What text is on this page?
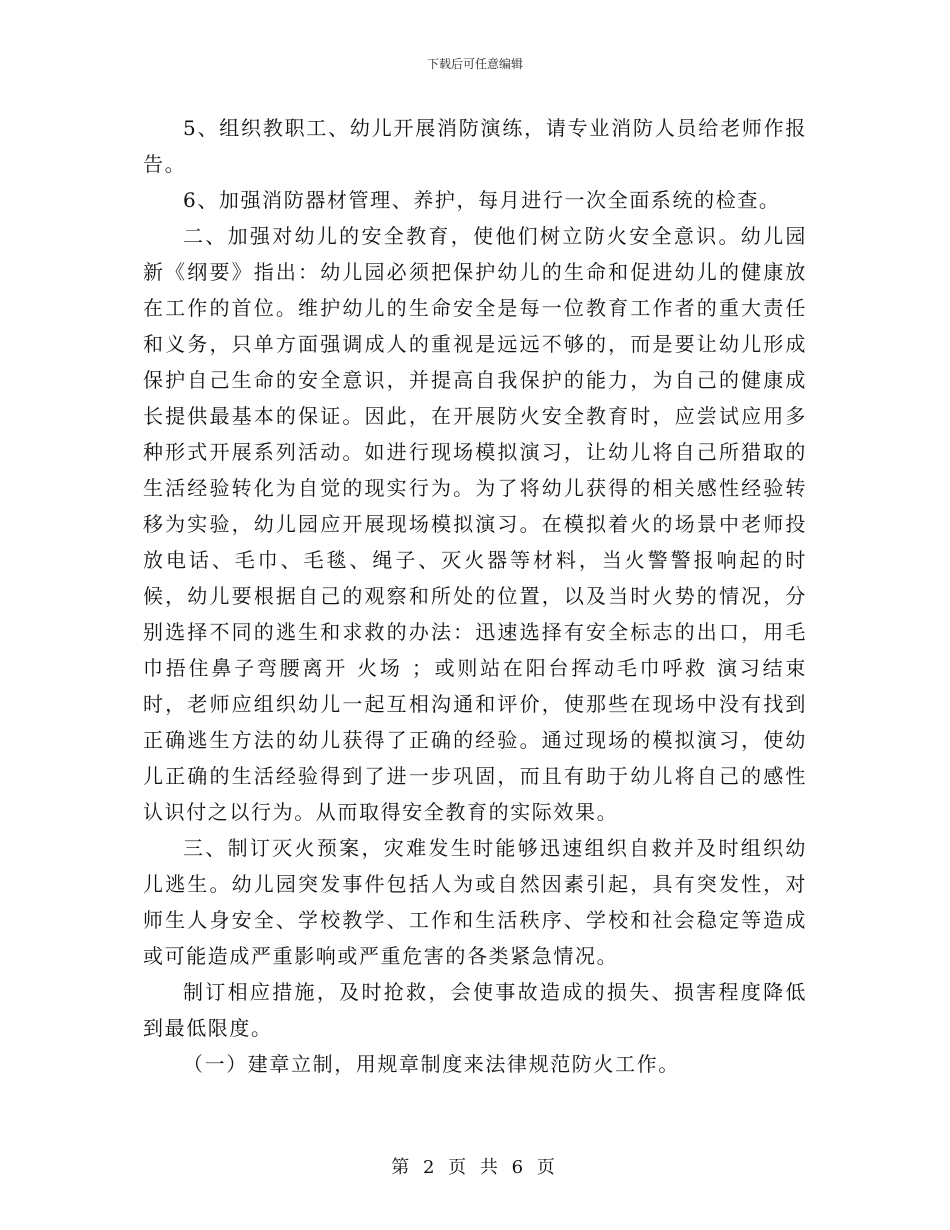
下载后可任意编辑

5、组织教职工、幼儿开展消防演练，请专业消防人员给老师作报告。

6、加强消防器材管理、养护，每月进行一次全面系统的检查。

二、加强对幼儿的安全教育，使他们树立防火安全意识。幼儿园新《纲要》指出：幼儿园必须把保护幼儿的生命和促进幼儿的健康放在工作的首位。维护幼儿的生命安全是每一位教育工作者的重大责任和义务，只单方面强调成人的重视是远远不够的，而是要让幼儿形成保护自己生命的安全意识，并提高自我保护的能力，为自己的健康成长提供最基本的保证。因此，在开展防火安全教育时，应尝试应用多种形式开展系列活动。如进行现场模拟演习，让幼儿将自己所猎取的生活经验转化为自觉的现实行为。为了将幼儿获得的相关感性经验转移为实验，幼儿园应开展现场模拟演习。在模拟着火的场景中老师投放电话、毛巾、毛毯、绳子、灭火器等材料，当火警警报响起的时候，幼儿要根据自己的观察和所处的位置，以及当时火势的情况，分别选择不同的逃生和求救的办法：迅速选择有安全标志的出口，用毛巾捂住鼻子弯腰离开 火场 ；或则站在阳台挥动毛巾呼救 演习结束时，老师应组织幼儿一起互相沟通和评价，使那些在现场中没有找到正确逃生方法的幼儿获得了正确的经验。通过现场的模拟演习，使幼儿正确的生活经验得到了进一步巩固，而且有助于幼儿将自己的感性认识付之以行为。从而取得安全教育的实际效果。

三、制订灭火预案，灾难发生时能够迅速组织自救并及时组织幼儿逃生。幼儿园突发事件包括人为或自然因素引起，具有突发性，对师生人身安全、学校教学、工作和生活秩序、学校和社会稳定等造成或可能造成严重影响或严重危害的各类紧急情况。

制订相应措施，及时抢救，会使事故造成的损失、损害程度降低到最低限度。

（一）建章立制，用规章制度来法律规范防火工作。

第 2 页 共 6 页
